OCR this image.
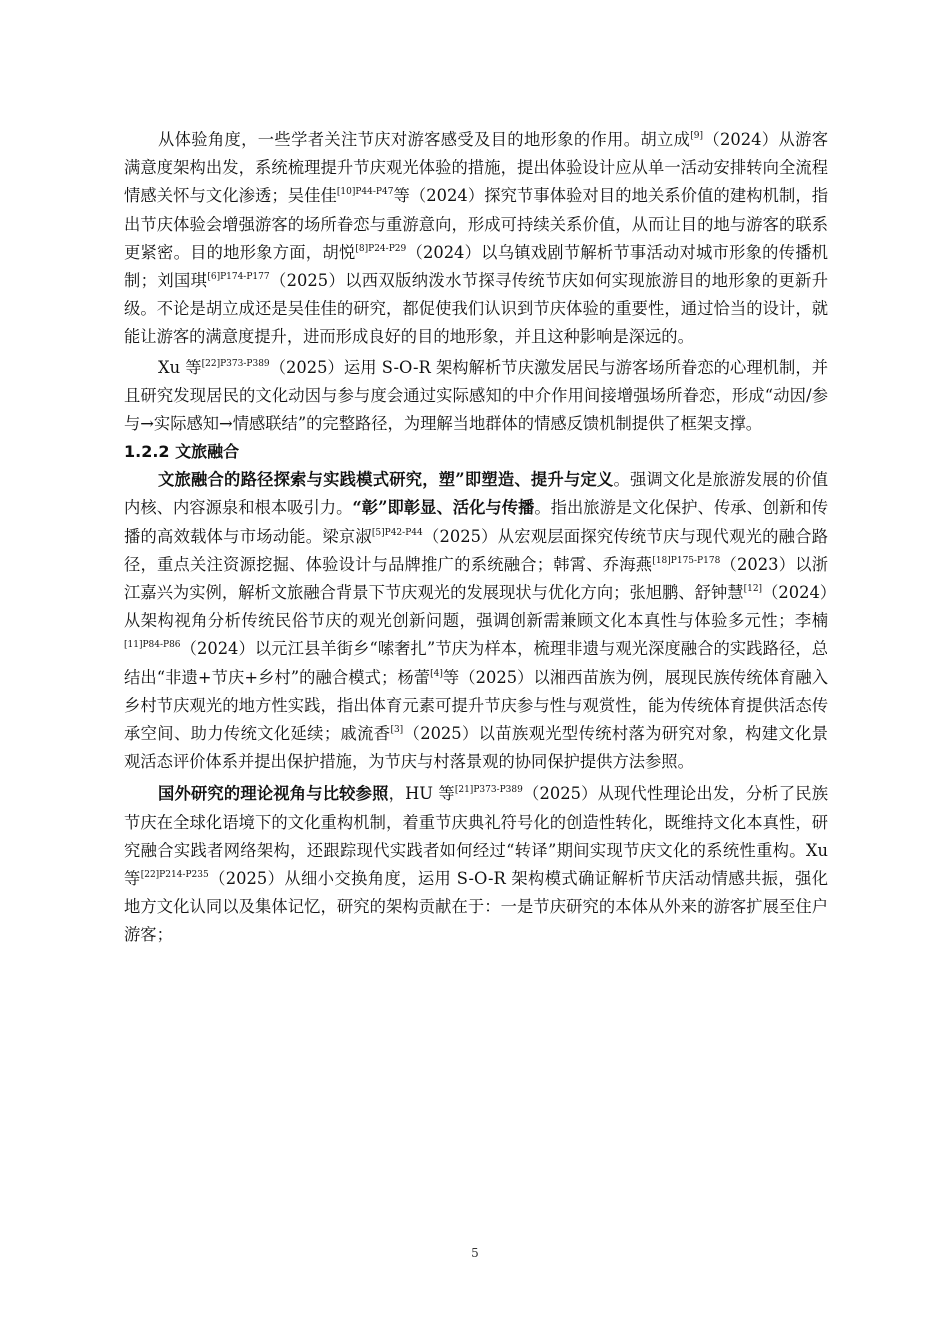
从体验角度，一些学者关注节庆对游客感受及目的地形象的作用。胡立成[9]（2024）从游客满意度架构出发，系统梳理提升节庆观光体验的措施，提出体验设计应从单一活动安排转向全流程情感关怀与文化渗透；吴佳佳$^{[10]P44-P47}$等（2024）探究节事体验对目的地关系价值的建构机制，指出节庆体验会增强游客的场所眷恋与重游意向，形成可持续关系价值，从而让目的地与游客的联系更紧密。目的地形象方面，胡悦$^{[8]P24-P29}$（2024）以乌镇戏剧节解析节事活动对城市形象的传播机制；刘国琪$^{[6]P174-P177}$（2025）以西双版纳泼水节探寻传统节庆如何实现旅游目的地形象的更新升级。不论是胡立成还是吴佳佳的研究，都促使我们认识到节庆体验的重要性，通过恰当的设计，就能让游客的满意度提升，进而形成良好的目的地形象，并且这种影响是深远的。

Xu 等$^{[22]P373-P389}$（2025）运用 S-O-R 架构解析节庆激发居民与游客场所眷恋的心理机制，并且研究发现居民的文化动因与参与度会通过实际感知的中介作用间接增强场所眷恋，形成“动因/参与→实际感知→情感联结”的完整路径，为理解当地群体的情感反馈机制提供了框架支撑。

1.2.2 文旅融合

文旅融合的路径探索与实践模式研究，塑”即塑造、提升与定义。强调文化是旅游发展的价值内核、内容源泉和根本吸引力。“彰”即彰显、活化与传播。指出旅游是文化保护、传承、创新和传播的高效载体与市场动能。梁京淑$^{[5]P42-P44}$（2025）从宏观层面探究传统节庆与现代观光的融合路径，重点关注资源挖掘、体验设计与品牌推广的系统融合；韩霄、乔海燕$^{[18]P175-P178}$（2023）以浙江嘉兴为实例，解析文旅融合背景下节庆观光的发展现状与优化方向；张旭鹏、舒钟慧[12]（2024）从架构视角分析传统民俗节庆的观光创新问题，强调创新需兼顾文化本真性与体验多元性；李楠$^{[11]P84-P86}$（2024）以元江县羊街乡“嗦奢扎”节庆为样本，梳理非遗与观光深度融合的实践路径，总结出“非遗+节庆+乡村”的融合模式；杨蕾[4]等（2025）以湘西苗族为例，展现民族传统体育融入乡村节庆观光的地方性实践，指出体育元素可提升节庆参与性与观赏性，能为传统体育提供活态传承空间、助力传统文化延续；戚流香[3]（2025）以苗族观光型传统村落为研究对象，构建文化景观活态评价体系并提出保护措施，为节庆与村落景观的协同保护提供方法参照。

国外研究的理论视角与比较参照，HU 等$^{[21]P373-P389}$（2025）从现代性理论出发，分析了民族节庆在全球化语境下的文化重构机制，着重节庆典礼符号化的创造性转化，既维持文化本真性，研究融合实践者网络架构，还跟踪现代实践者如何经过“转译”期间实现节庆文化的系统性重构。Xu 等$^{[22]P214-P235}$（2025）从细小交换角度，运用 S-O-R 架构模式确证解析节庆活动情感共振，强化地方文化认同以及集体记忆，研究的架构贡献在于：一是节庆研究的本体从外来的游客扩展至住户游客；

5
